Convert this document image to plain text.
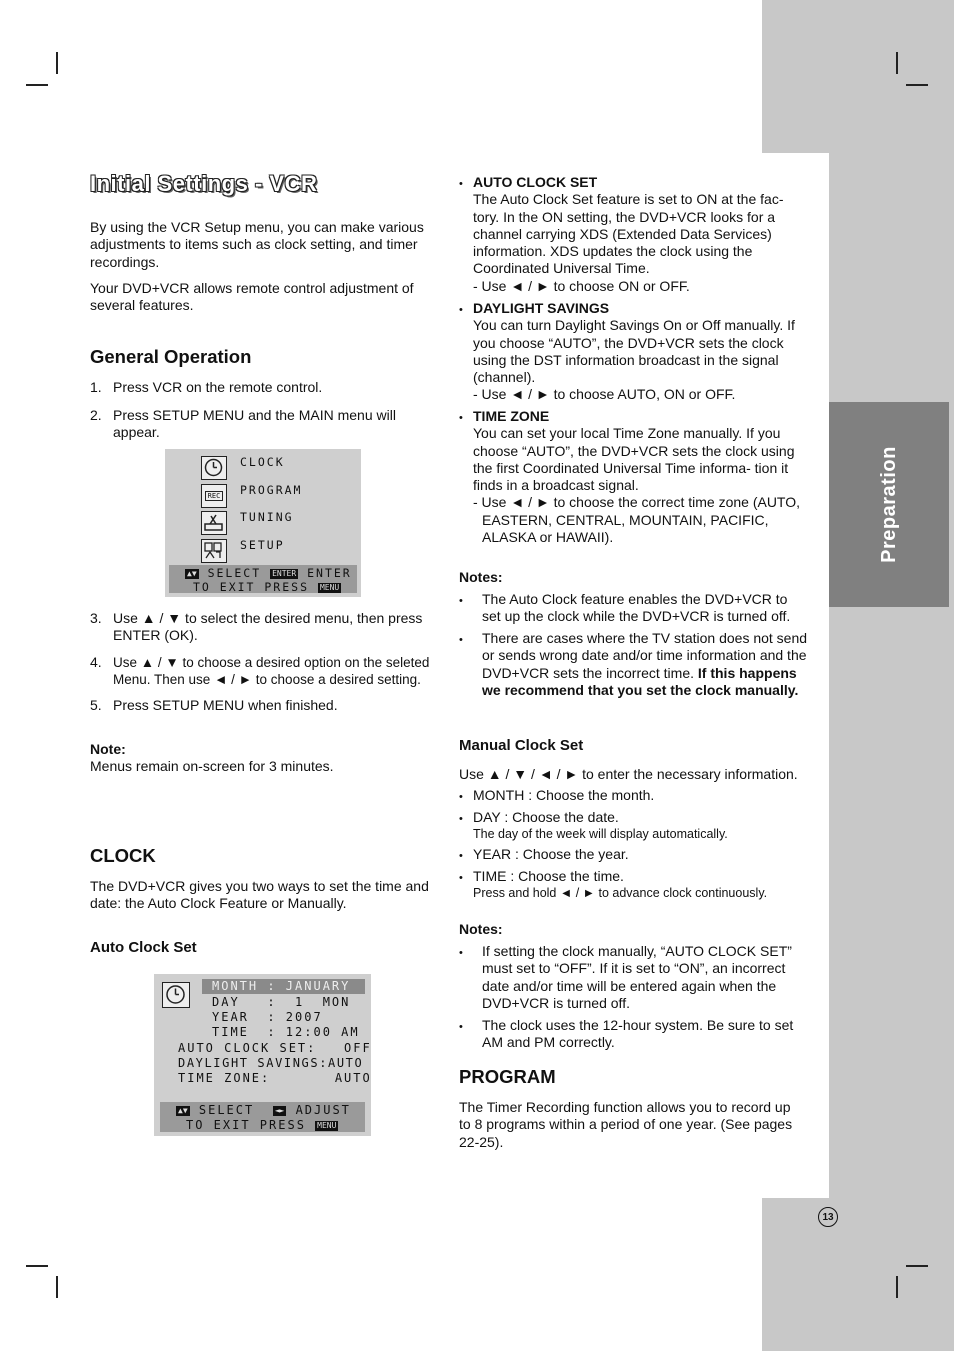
Preparation
13
Initial Settings - VCR

By using the VCR Setup menu, you can make various adjustments to items such as clock setting, and timer recordings.

Your DVD+VCR allows remote control adjustment of several features.

General Operation
1. Press VCR on the remote control.

2. Press SETUP MENU and the MAIN menu will appear.

REC
CLOCK
PROGRAM
TUNING
SETUP
▲▼ SELECT ENTER ENTER
TO EXIT PRESS MENU
3. Use ▲ / ▼ to select the desired menu, then press ENTER (OK).

4. Use ▲ / ▼ to choose a desired option on the seleted Menu. Then use ◄ / ► to choose a desired setting.

5. Press SETUP MENU when finished.

Note:
Menus remain on-screen for 3 minutes.
CLOCK

The DVD+VCR gives you two ways to set the time and date: the Auto Clock Feature or Manually.

Auto Clock Set
MONTH : JANUARY
DAY   :  1  MON
YEAR  : 2007
TIME  : 12:00 AM
AUTO CLOCK SET:   OFF
DAYLIGHT SAVINGS:AUTO
TIME ZONE:       AUTO
▲▼ SELECT	◄► ADJUST
TO EXIT PRESS MENU
• AUTO CLOCK SET

The Auto Clock Set feature is set to ON at the fac- tory. In the ON setting, the DVD+VCR looks for a channel carrying XDS (Extended Data Services) information. XDS updates the clock using the Coordinated Universal Time.

- Use ◄ / ► to choose ON or OFF.

• DAYLIGHT SAVINGS

You can turn Daylight Savings On or Off manually. If you choose “AUTO”, the DVD+VCR sets the clock using the DST information broadcast in the signal (channel).

- Use ◄ / ► to choose AUTO, ON or OFF.

• TIME ZONE

You can set your local Time Zone manually. If you choose “AUTO”, the DVD+VCR sets the clock using the first Coordinated Universal Time informa- tion it finds in a broadcast signal.

- Use ◄ / ► to choose the correct time zone (AUTO, EASTERN, CENTRAL, MOUNTAIN, PACIFIC, ALASKA or HAWAII).

Notes:
• The Auto Clock feature enables the DVD+VCR to set up the clock while the DVD+VCR is turned off.

• There are cases where the TV station does not send or sends wrong date and/or time information and the DVD+VCR sets the incorrect time. If this happens we recommend that you set the clock manually.

Manual Clock Set

Use ▲ / ▼ / ◄ / ► to enter the necessary information.

• MONTH : Choose the month.

• DAY : Choose the date.

The day of the week will display automatically.

• YEAR : Choose the year.

• TIME : Choose the time.

Press and hold ◄ / ► to advance clock continuously.

Notes:
• If setting the clock manually, “AUTO CLOCK SET” must set to “OFF”. If it is set to “ON”, an incorrect date and/or time will be entered again when the DVD+VCR is turned off.

• The clock uses the 12-hour system. Be sure to set AM and PM correctly.

PROGRAM

The Timer Recording function allows you to record up to 8 programs within a period of one year. (See pages 22-25).
